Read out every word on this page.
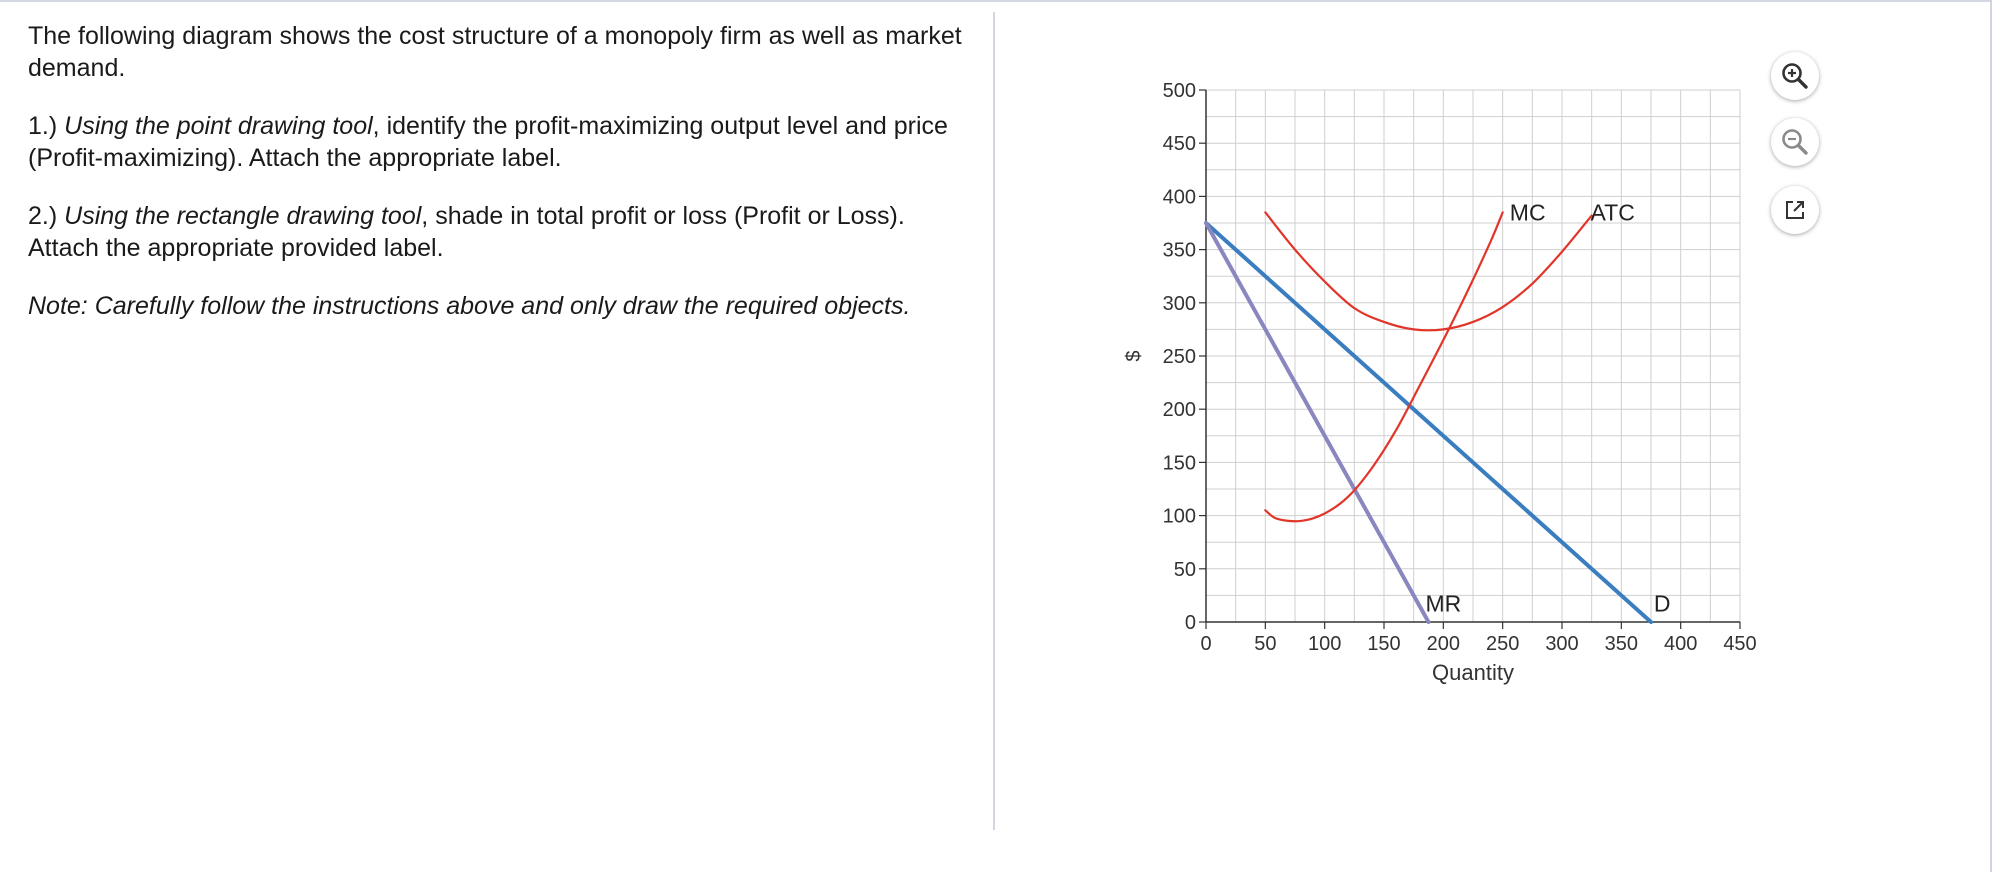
The following diagram shows the cost structure of a monopoly firm as well as market demand.

1.) Using the point drawing tool, identify the profit-maximizing output level and price (Profit-maximizing). Attach the appropriate label.

2.) Using the rectangle drawing tool, shade in total profit or loss (Profit or Loss). Attach the appropriate provided label.

Note: Carefully follow the instructions above and only draw the required objects.

0 50 100 150 200 250 300 350 400 450
0
50
100
150
200
250
300
350
400
450
500
Quantity
$
MC ATC
MR	D
